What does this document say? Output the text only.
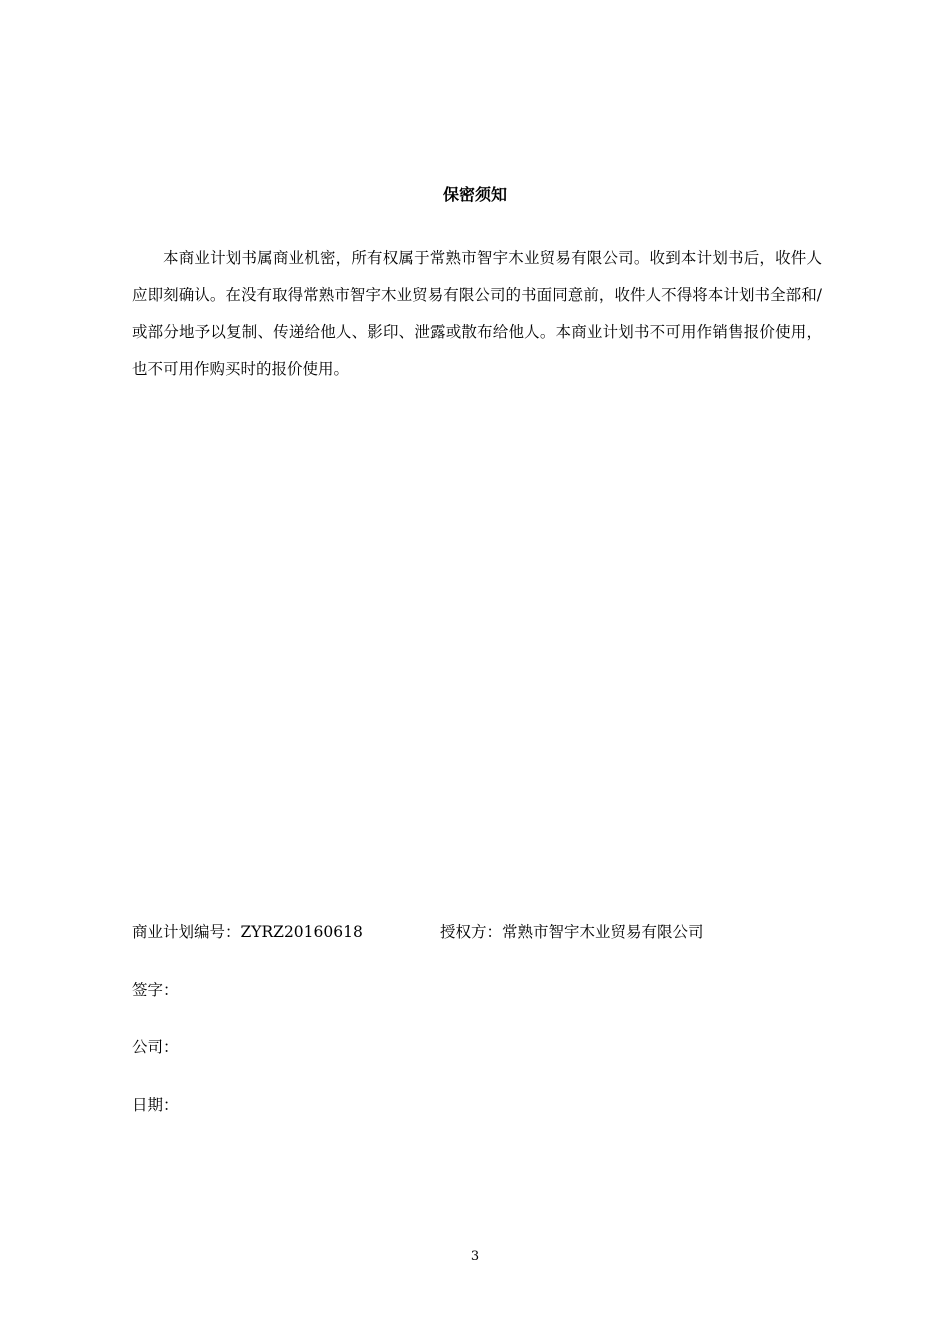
保密须知

本商业计划书属商业机密，所有权属于常熟市智宇木业贸易有限公司。收到本计划书后，收件人应即刻确认。在没有取得常熟市智宇木业贸易有限公司的书面同意前，收件人不得将本计划书全部和/或部分地予以复制、传递给他人、影印、泄露或散布给他人。本商业计划书不可用作销售报价使用，也不可用作购买时的报价使用。

商业计划编号：ZYRZ20160618	授权方：常熟市智宇木业贸易有限公司
签字：
公司：
日期：
3
